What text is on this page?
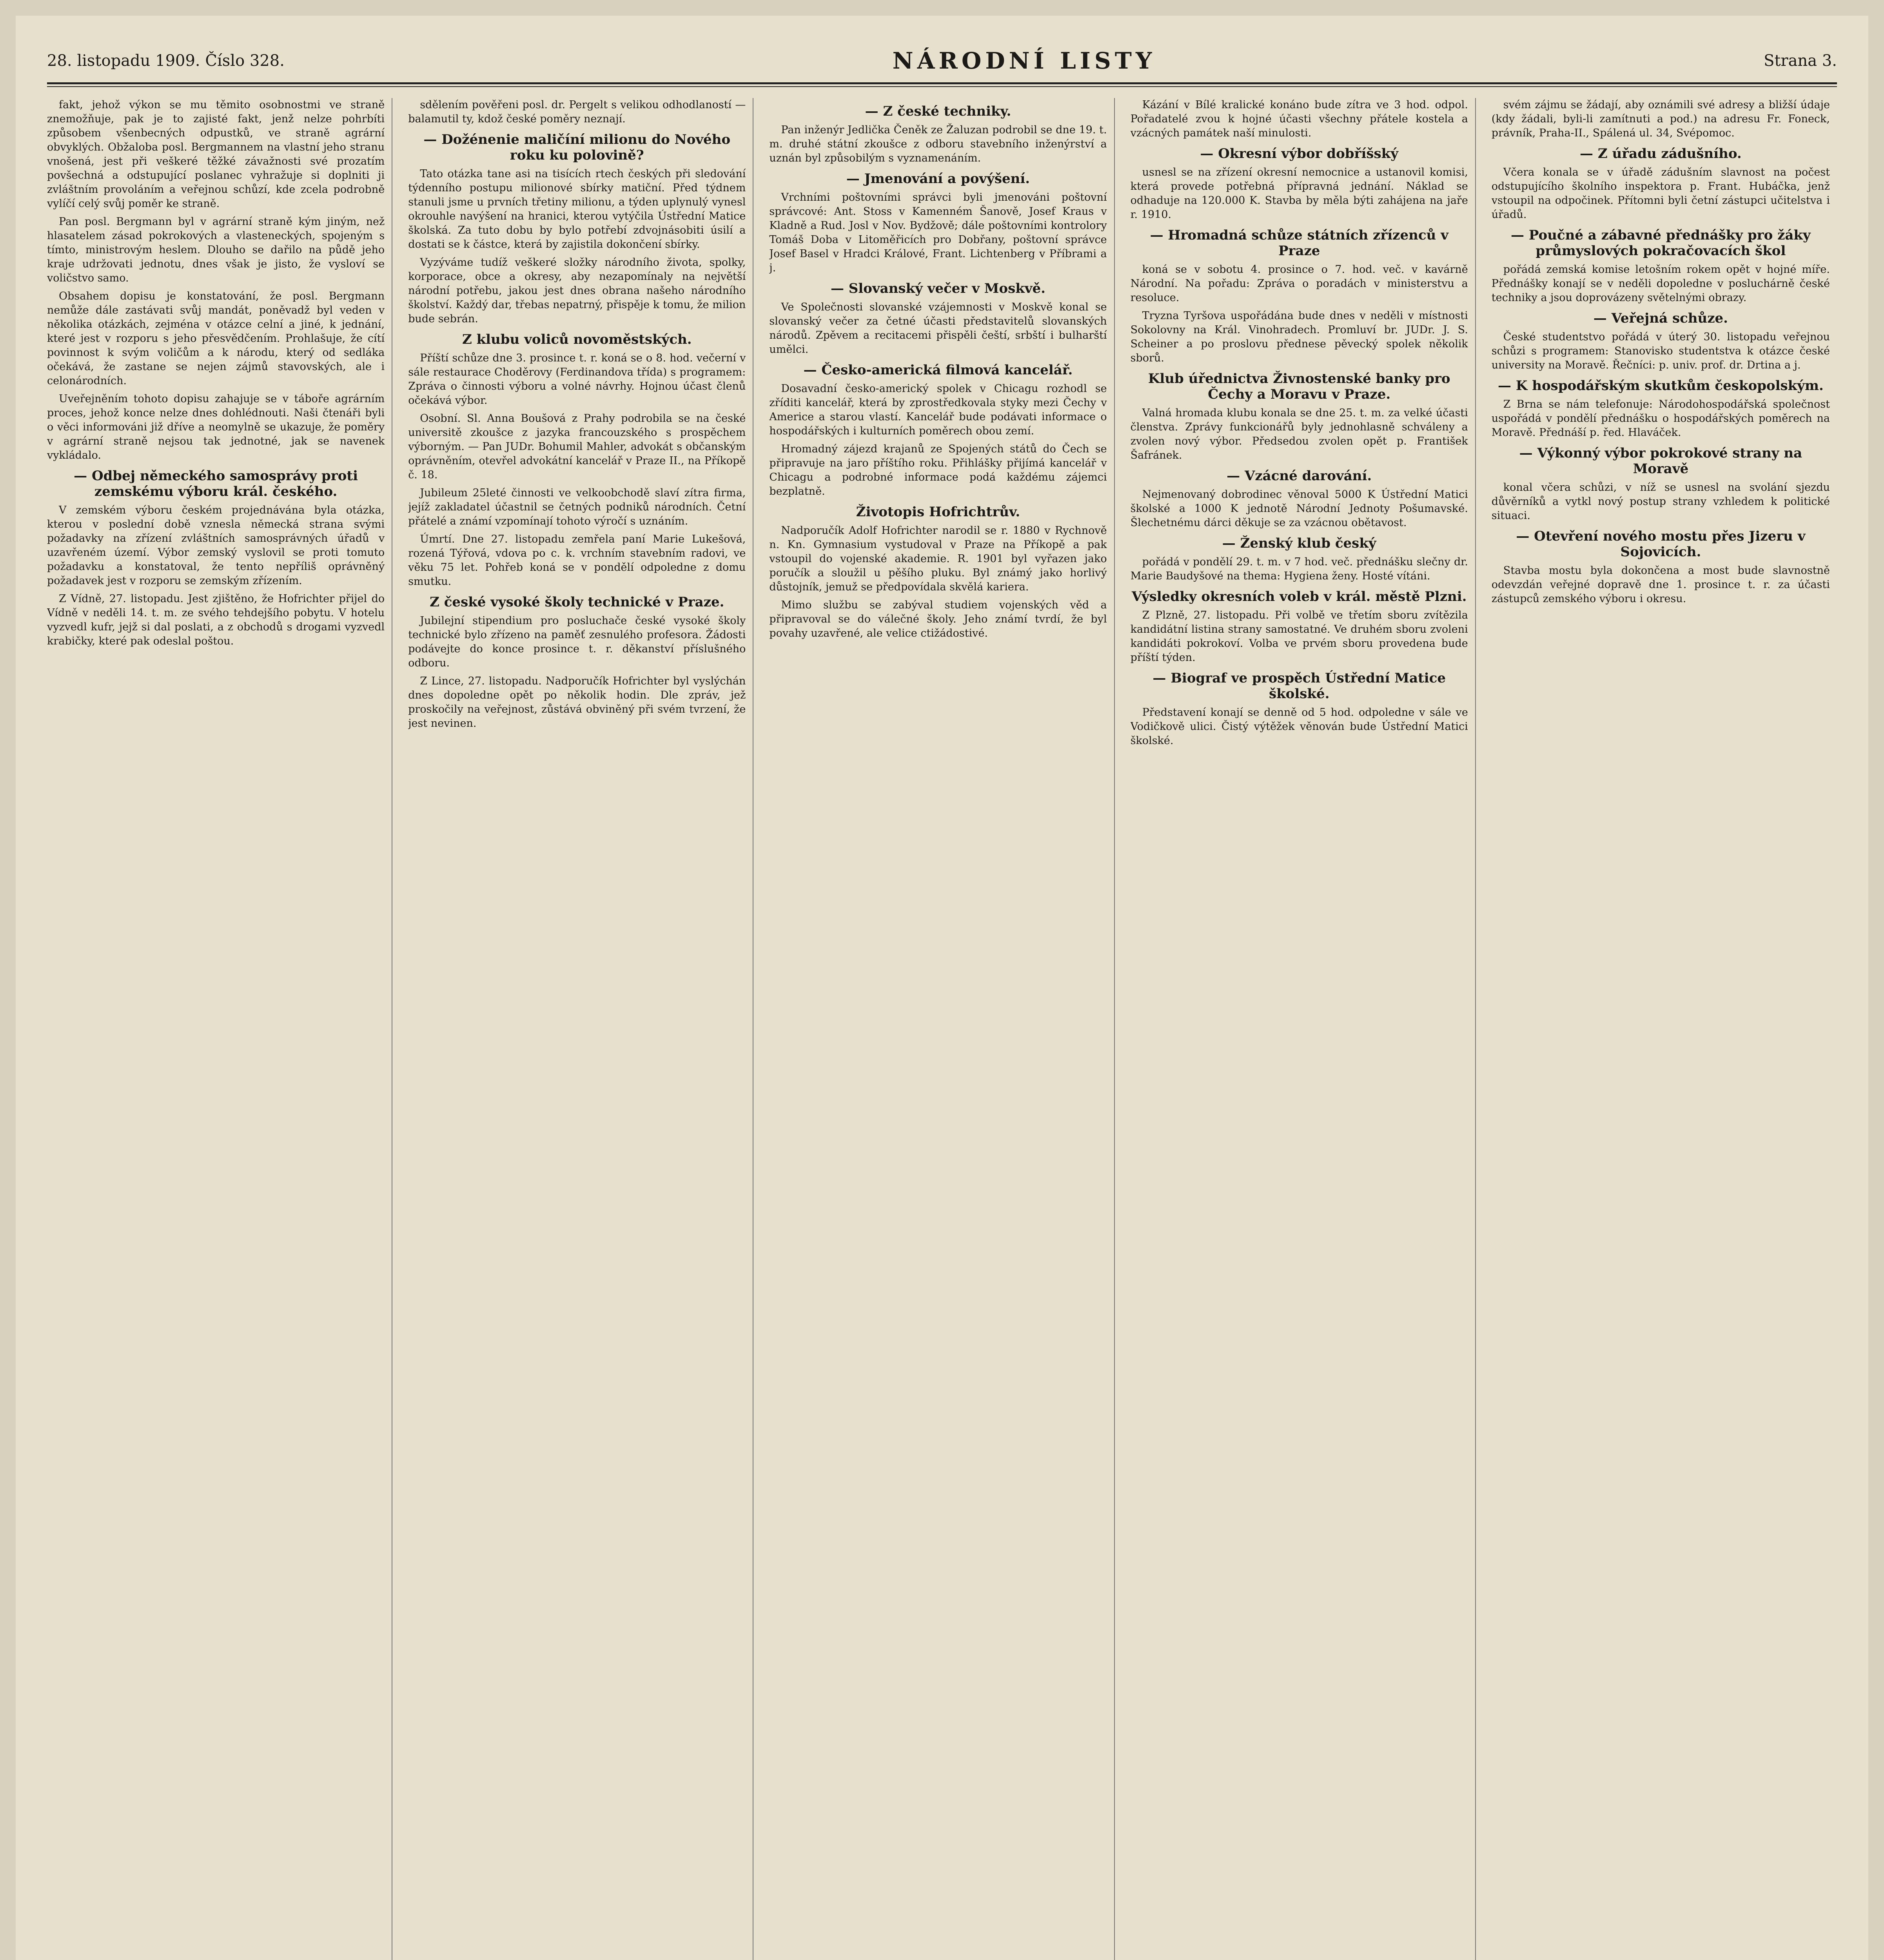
28. listopadu 1909. Číslo 328.	NÁRODNÍ LISTY	Strana 3.

fakt, jehož výkon se mu těmito osobnostmi ve straně znemožňuje, pak je to zajisté fakt, jenž nelze pohrbíti způsobem všenbecných odpustků, ve straně agrární obvyklých. Obžaloba posl. Bergmannem na vlastní jeho stranu vnošená, jest při veškeré těžké závažnosti své prozatím povšechná a odstupující poslanec vyhražuje si doplniti ji zvláštním provoláním a veřejnou schůzí, kde zcela podrobně vylíčí celý svůj poměr ke straně.

Pan posl. Bergmann byl v agrární straně kým jiným, než hlasatelem zásad pokrokových a vlasteneckých, spojeným s tímto, ministrovým heslem. Dlouho se dařilo na půdě jeho kraje udržovati jednotu, dnes však je jisto, že vysloví se voličstvo samo.

Obsahem dopisu je konstatování, že posl. Bergmann nemůže dále zastávati svůj mandát, poněvadž byl veden v několika otázkách, zejména v otázce celní a jiné, k jednání, které jest v rozporu s jeho přesvědčením. Prohlašuje, že cítí povinnost k svým voličům a k národu, který od sedláka očekává, že zastane se nejen zájmů stavovských, ale i celonárodních.

Uveřejněním tohoto dopisu zahajuje se v táboře agrárním proces, jehož konce nelze dnes dohlédnouti. Naši čtenáři byli o věci informováni již dříve a neomylně se ukazuje, že poměry v agrární straně nejsou tak jednotné, jak se navenek vykládalo.

— Odbej německého samosprávy proti zemskému výboru král. českého.

V zemském výboru českém projednávána byla otázka, kterou v poslední době vznesla německá strana svými požadavky na zřízení zvláštních samosprávných úřadů v uzavřeném území. Výbor zemský vyslovil se proti tomuto požadavku a konstatoval, že tento nepříliš oprávněný požadavek jest v rozporu se zemským zřízením.

Z Vídně, 27. listopadu. Jest zjištěno, že Hofrichter přijel do Vídně v neděli 14. t. m. ze svého tehdejšího pobytu. V hotelu vyzvedl kufr, jejž si dal poslati, a z obchodů s drogami vyzvedl krabičky, které pak odeslal poštou.

sdělením pověřeni posl. dr. Pergelt s velikou odhodlaností — balamutil ty, kdož české poměry neznají.

— Dožénenie maličíní milionu do Nového roku ku polovině?

Tato otázka tane asi na tisících rtech českých při sledování týdenního postupu milionové sbírky matiční. Před týdnem stanuli jsme u prvních třetiny milionu, a týden uplynulý vynesl okrouhle navýšení na hranici, kterou vytýčila Ústřední Matice školská. Za tuto dobu by bylo potřebí zdvojnásobiti úsilí a dostati se k částce, která by zajistila dokončení sbírky.

Vyzýváme tudíž veškeré složky národního života, spolky, korporace, obce a okresy, aby nezapomínaly na největší národní potřebu, jakou jest dnes obrana našeho národního školství. Každý dar, třebas nepatrný, přispěje k tomu, že milion bude sebrán.

Z klubu voliců novoměstských.

Příští schůze dne 3. prosince t. r. koná se o 8. hod. večerní v sále restaurace Choděrovy (Ferdinandova třída) s programem: Zpráva o činnosti výboru a volné návrhy. Hojnou účast členů očekává výbor.

Osobní. Sl. Anna Boušová z Prahy podrobila se na české universitě zkoušce z jazyka francouzského s prospěchem výborným. — Pan JUDr. Bohumil Mahler, advokát s občanským oprávněním, otevřel advokátní kancelář v Praze II., na Příkopě č. 18.

Jubileum 25leté činnosti ve velkoobchodě slaví zítra firma, jejíž zakladatel účastnil se četných podniků národních. Četní přátelé a známí vzpomínají tohoto výročí s uznáním.

Úmrtí. Dne 27. listopadu zemřela paní Marie Lukešová, rozená Týřová, vdova po c. k. vrchním stavebním radovi, ve věku 75 let. Pohřeb koná se v pondělí odpoledne z domu smutku.

Z české vysoké školy technické v Praze.

Jubilejní stipendium pro posluchače české vysoké školy technické bylo zřízeno na paměť zesnulého profesora. Žádosti podávejte do konce prosince t. r. děkanství příslušného odboru.

Z Lince, 27. listopadu. Nadporučík Hofrichter byl vyslýchán dnes dopoledne opět po několik hodin. Dle zpráv, jež proskočily na veřejnost, zůstává obviněný při svém tvrzení, že jest nevinen.

— Z české techniky.

Pan inženýr Jedlička Čeněk ze Žaluzan podrobil se dne 19. t. m. druhé státní zkoušce z odboru stavebního inženýrství a uznán byl způsobilým s vyznamenáním.

— Jmenování a povýšení.

Vrchními poštovními správci byli jmenováni poštovní správcové: Ant. Stoss v Kamenném Šanově, Josef Kraus v Kladně a Rud. Josl v Nov. Bydžově; dále poštovními kontrolory Tomáš Doba v Litoměřicích pro Dobřany, poštovní správce Josef Basel v Hradci Králové, Frant. Lichtenberg v Příbrami a j.

— Slovanský večer v Moskvě.

Ve Společnosti slovanské vzájemnosti v Moskvě konal se slovanský večer za četné účasti představitelů slovanských národů. Zpěvem a recitacemi přispěli čeští, srbští i bulharští umělci.

— Česko-americká filmová kancelář.

Dosavadní česko-americký spolek v Chicagu rozhodl se zříditi kancelář, která by zprostředkovala styky mezi Čechy v Americe a starou vlastí. Kancelář bude podávati informace o hospodářských i kulturních poměrech obou zemí.

Hromadný zájezd krajanů ze Spojených států do Čech se připravuje na jaro příštího roku. Přihlášky přijímá kancelář v Chicagu a podrobné informace podá každému zájemci bezplatně.

Životopis Hofrichtrův.

Nadporučík Adolf Hofrichter narodil se r. 1880 v Rychnově n. Kn. Gymnasium vystudoval v Praze na Příkopě a pak vstoupil do vojenské akademie. R. 1901 byl vyřazen jako poručík a sloužil u pěšího pluku. Byl známý jako horlivý důstojník, jemuž se předpovídala skvělá kariera.

Mimo službu se zabýval studiem vojenských věd a připravoval se do válečné školy. Jeho známí tvrdí, že byl povahy uzavřené, ale velice ctižádostivé.

Kázání v Bílé kralické konáno bude zítra ve 3 hod. odpol. Pořadatelé zvou k hojné účasti všechny přátele kostela a vzácných památek naší minulosti.

— Okresní výbor dobříšský

usnesl se na zřízení okresní nemocnice a ustanovil komisi, která provede potřebná přípravná jednání. Náklad se odhaduje na 120.000 K. Stavba by měla býti zahájena na jaře r. 1910.

— Hromadná schůze státních zřízenců v Praze

koná se v sobotu 4. prosince o 7. hod. več. v kavárně Národní. Na pořadu: Zpráva o poradách v ministerstvu a resoluce.

Tryzna Tyršova uspořádána bude dnes v neděli v místnosti Sokolovny na Král. Vinohradech. Promluví br. JUDr. J. S. Scheiner a po proslovu přednese pěvecký spolek několik sborů.

Klub úřednictva Živnostenské banky pro Čechy a Moravu v Praze.

Valná hromada klubu konala se dne 25. t. m. za velké účasti členstva. Zprávy funkcionářů byly jednohlasně schváleny a zvolen nový výbor. Předsedou zvolen opět p. František Šafránek.

— Vzácné darování.

Nejmenovaný dobrodinec věnoval 5000 K Ústřední Matici školské a 1000 K jednotě Národní Jednoty Pošumavské. Šlechetnému dárci děkuje se za vzácnou obětavost.

— Ženský klub český

pořádá v pondělí 29. t. m. v 7 hod. več. přednášku slečny dr. Marie Baudyšové na thema: Hygiena ženy. Hosté vítáni.

Výsledky okresních voleb v král. městě Plzni.

Z Plzně, 27. listopadu. Při volbě ve třetím sboru zvítězila kandidátní listina strany samostatné. Ve druhém sboru zvoleni kandidáti pokrokoví. Volba ve prvém sboru provedena bude příští týden.

— Biograf ve prospěch Ústřední Matice školské.

Představení konají se denně od 5 hod. odpoledne v sále ve Vodičkově ulici. Čistý výtěžek věnován bude Ústřední Matici školské.

svém zájmu se žádají, aby oznámili své adresy a bližší údaje (kdy žádali, byli-li zamítnuti a pod.) na adresu Fr. Foneck, právník, Praha-II., Spálená ul. 34, Svépomoc.

— Z úřadu zádušního.

Včera konala se v úřadě zádušním slavnost na počest odstupujícího školního inspektora p. Frant. Hubáčka, jenž vstoupil na odpočinek. Přítomni byli četní zástupci učitelstva i úřadů.

— Poučné a zábavné přednášky pro žáky průmyslových pokračovacích škol

pořádá zemská komise letošním rokem opět v hojné míře. Přednášky konají se v neděli dopoledne v posluchárně české techniky a jsou doprovázeny světelnými obrazy.

— Veřejná schůze.

České studentstvo pořádá v úterý 30. listopadu veřejnou schůzi s programem: Stanovisko studentstva k otázce české university na Moravě. Řečníci: p. univ. prof. dr. Drtina a j.

— K hospodářským skutkům českopolským.

Z Brna se nám telefonuje: Národohospodářská společnost uspořádá v pondělí přednášku o hospodářských poměrech na Moravě. Přednáší p. řed. Hlaváček.

— Výkonný výbor pokrokové strany na Moravě

konal včera schůzi, v níž se usnesl na svolání sjezdu důvěrníků a vytkl nový postup strany vzhledem k politické situaci.

— Otevření nového mostu přes Jizeru v Sojovicích.

Stavba mostu byla dokončena a most bude slavnostně odevzdán veřejné dopravě dne 1. prosince t. r. za účasti zástupců zemského výboru i okresu.
